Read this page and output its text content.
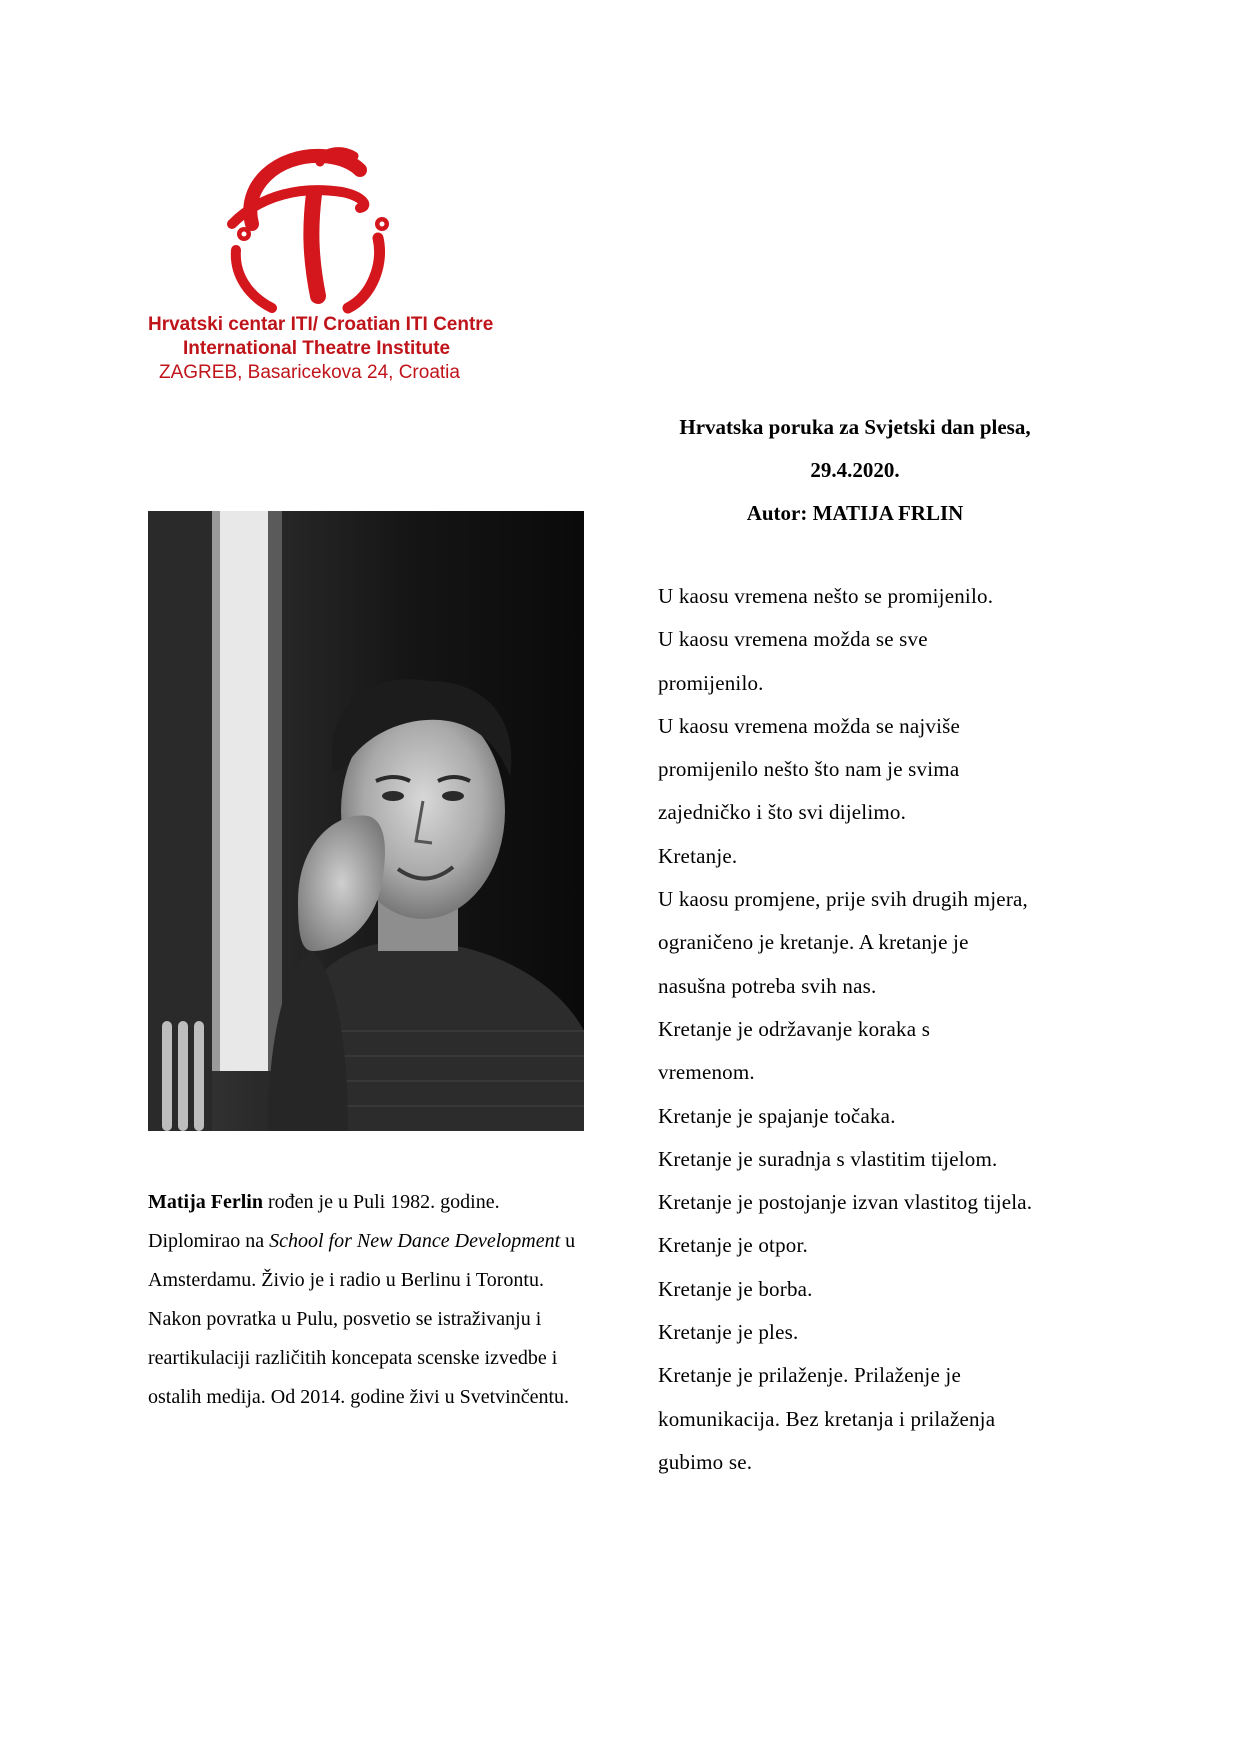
Hrvatski centar ITI/ Croatian ITI Centre
International Theatre Institute
ZAGREB, Basaricekova 24, Croatia
Hrvatska poruka za Svjetski dan plesa,
29.4.2020.
Autor: MATIJA FRLIN

Matija Ferlin rođen je u Puli 1982. godine. Diplomirao na School for New Dance Development u Amsterdamu. Živio je i radio u Berlinu i Torontu. Nakon povratka u Pulu, posvetio se istraživanju i reartikulaciji različitih koncepata scenske izvedbe i ostalih medija. Od 2014. godine živi u Svetvinčentu.

U kaosu vremena nešto se promijenilo.
U kaosu vremena možda se sve
promijenilo.
U kaosu vremena možda se najviše
promijenilo nešto što nam je svima
zajedničko i što svi dijelimo.
Kretanje.
U kaosu promjene, prije svih drugih mjera,
ograničeno je kretanje. A kretanje je
nasušna potreba svih nas.
Kretanje je održavanje koraka s
vremenom.
Kretanje je spajanje točaka.
Kretanje je suradnja s vlastitim tijelom.
Kretanje je postojanje izvan vlastitog tijela.
Kretanje je otpor.
Kretanje je borba.
Kretanje je ples.
Kretanje je prilaženje. Prilaženje je
komunikacija. Bez kretanja i prilaženja
gubimo se.
